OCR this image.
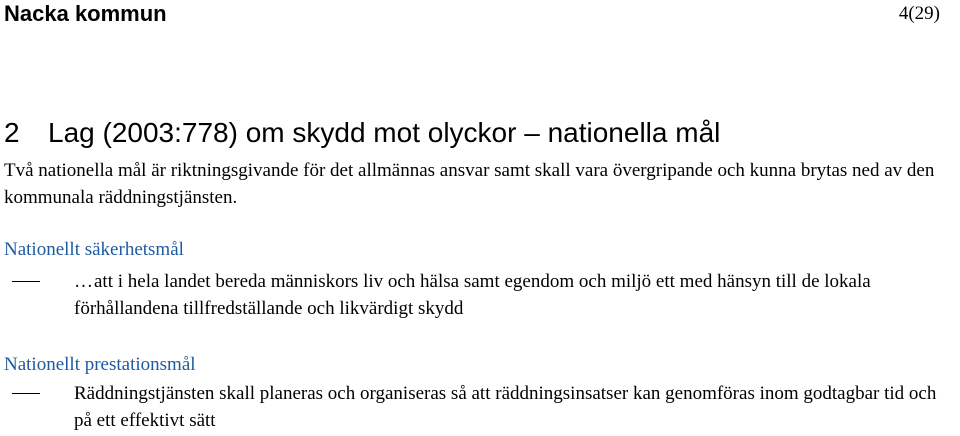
Nacka kommun	4(29)
2 Lag (2003:778) om skydd mot olyckor – nationella mål
Två nationella mål är riktningsgivande för det allmännas ansvar samt skall vara övergripande och kunna brytas ned av den kommunala räddningstjänsten.
Nationellt säkerhetsmål
…att i hela landet bereda människors liv och hälsa samt egendom och miljö ett med hänsyn till de lokala förhållandena tillfredställande och likvärdigt skydd
Nationellt prestationsmål
Räddningstjänsten skall planeras och organiseras så att räddningsinsatser kan genomföras inom godtagbar tid och på ett effektivt sätt
